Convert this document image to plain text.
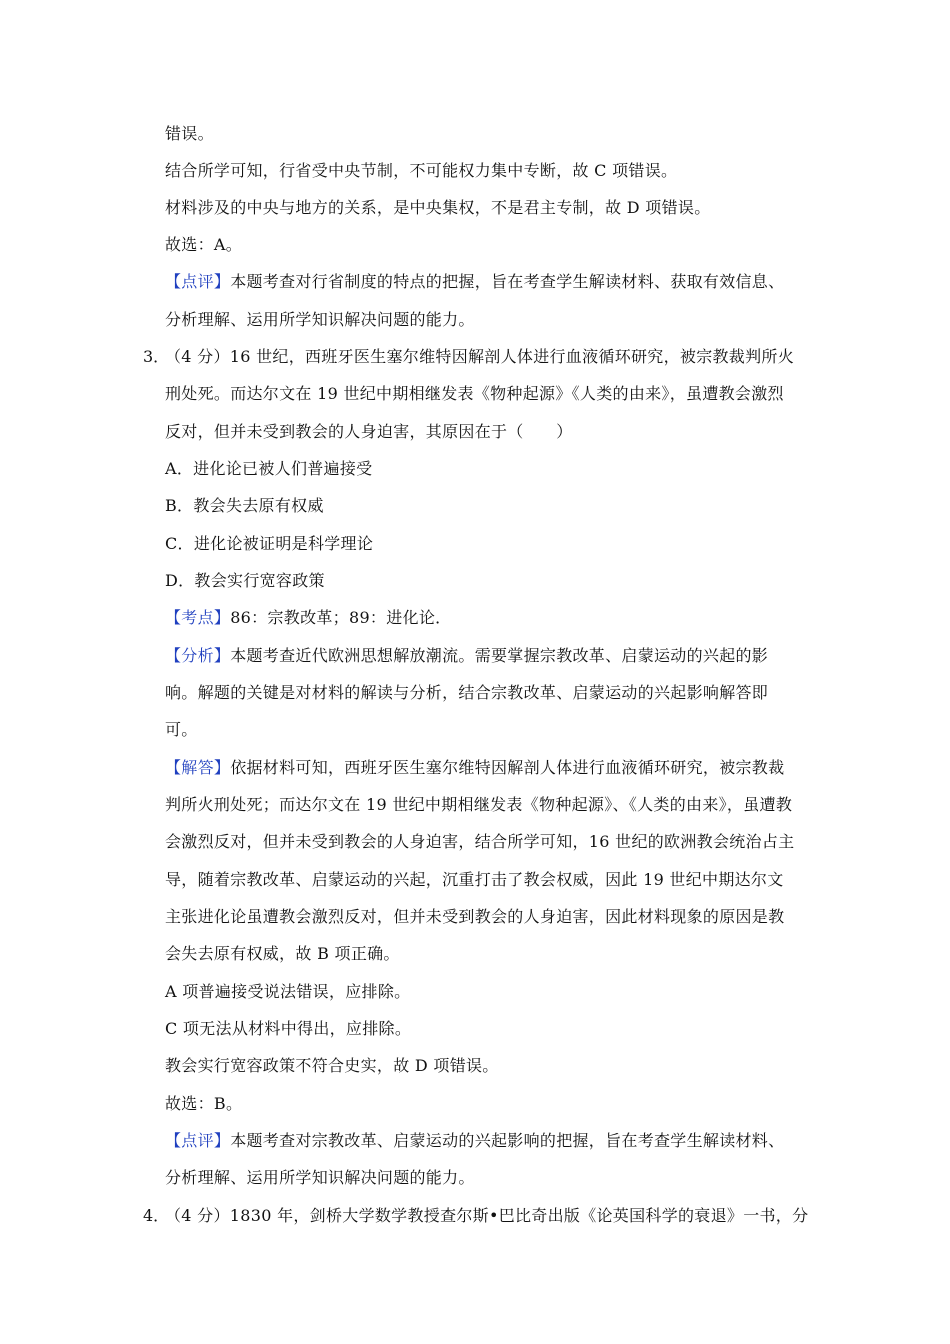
错误。
结合所学可知，行省受中央节制，不可能权力集中专断，故 C 项错误。
材料涉及的中央与地方的关系，是中央集权，不是君主专制，故 D 项错误。
故选：A。
【点评】本题考查对行省制度的特点的把握，旨在考查学生解读材料、获取有效信息、
分析理解、运用所学知识解决问题的能力。
3．
（4 分）16 世纪，西班牙医生塞尔维特因解剖人体进行血液循环研究，被宗教裁判所火
刑处死。而达尔文在 19 世纪中期相继发表《物种起源》《人类的由来》，虽遭教会激烈
反对，但并未受到教会的人身迫害，其原因在于（　　）
A．进化论已被人们普遍接受
B．教会失去原有权威
C．进化论被证明是科学理论
D．教会实行宽容政策
【考点】86：宗教改革；89：进化论．
【分析】本题考查近代欧洲思想解放潮流。需要掌握宗教改革、启蒙运动的兴起的影
响。解题的关键是对材料的解读与分析，结合宗教改革、启蒙运动的兴起影响解答即
可。
【解答】依据材料可知，西班牙医生塞尔维特因解剖人体进行血液循环研究，被宗教裁
判所火刑处死；而达尔文在 19 世纪中期相继发表《物种起源》、《人类的由来》，虽遭教
会激烈反对，但并未受到教会的人身迫害，结合所学可知，16 世纪的欧洲教会统治占主
导，随着宗教改革、启蒙运动的兴起，沉重打击了教会权威，因此 19 世纪中期达尔文
主张进化论虽遭教会激烈反对，但并未受到教会的人身迫害，因此材料现象的原因是教
会失去原有权威，故 B 项正确。
A 项普遍接受说法错误，应排除。
C 项无法从材料中得出，应排除。
教会实行宽容政策不符合史实，故 D 项错误。
故选：B。
【点评】本题考查对宗教改革、启蒙运动的兴起影响的把握，旨在考查学生解读材料、
分析理解、运用所学知识解决问题的能力。
4．
（4 分）1830 年，剑桥大学数学教授查尔斯•巴比奇出版《论英国科学的衰退》一书，分
